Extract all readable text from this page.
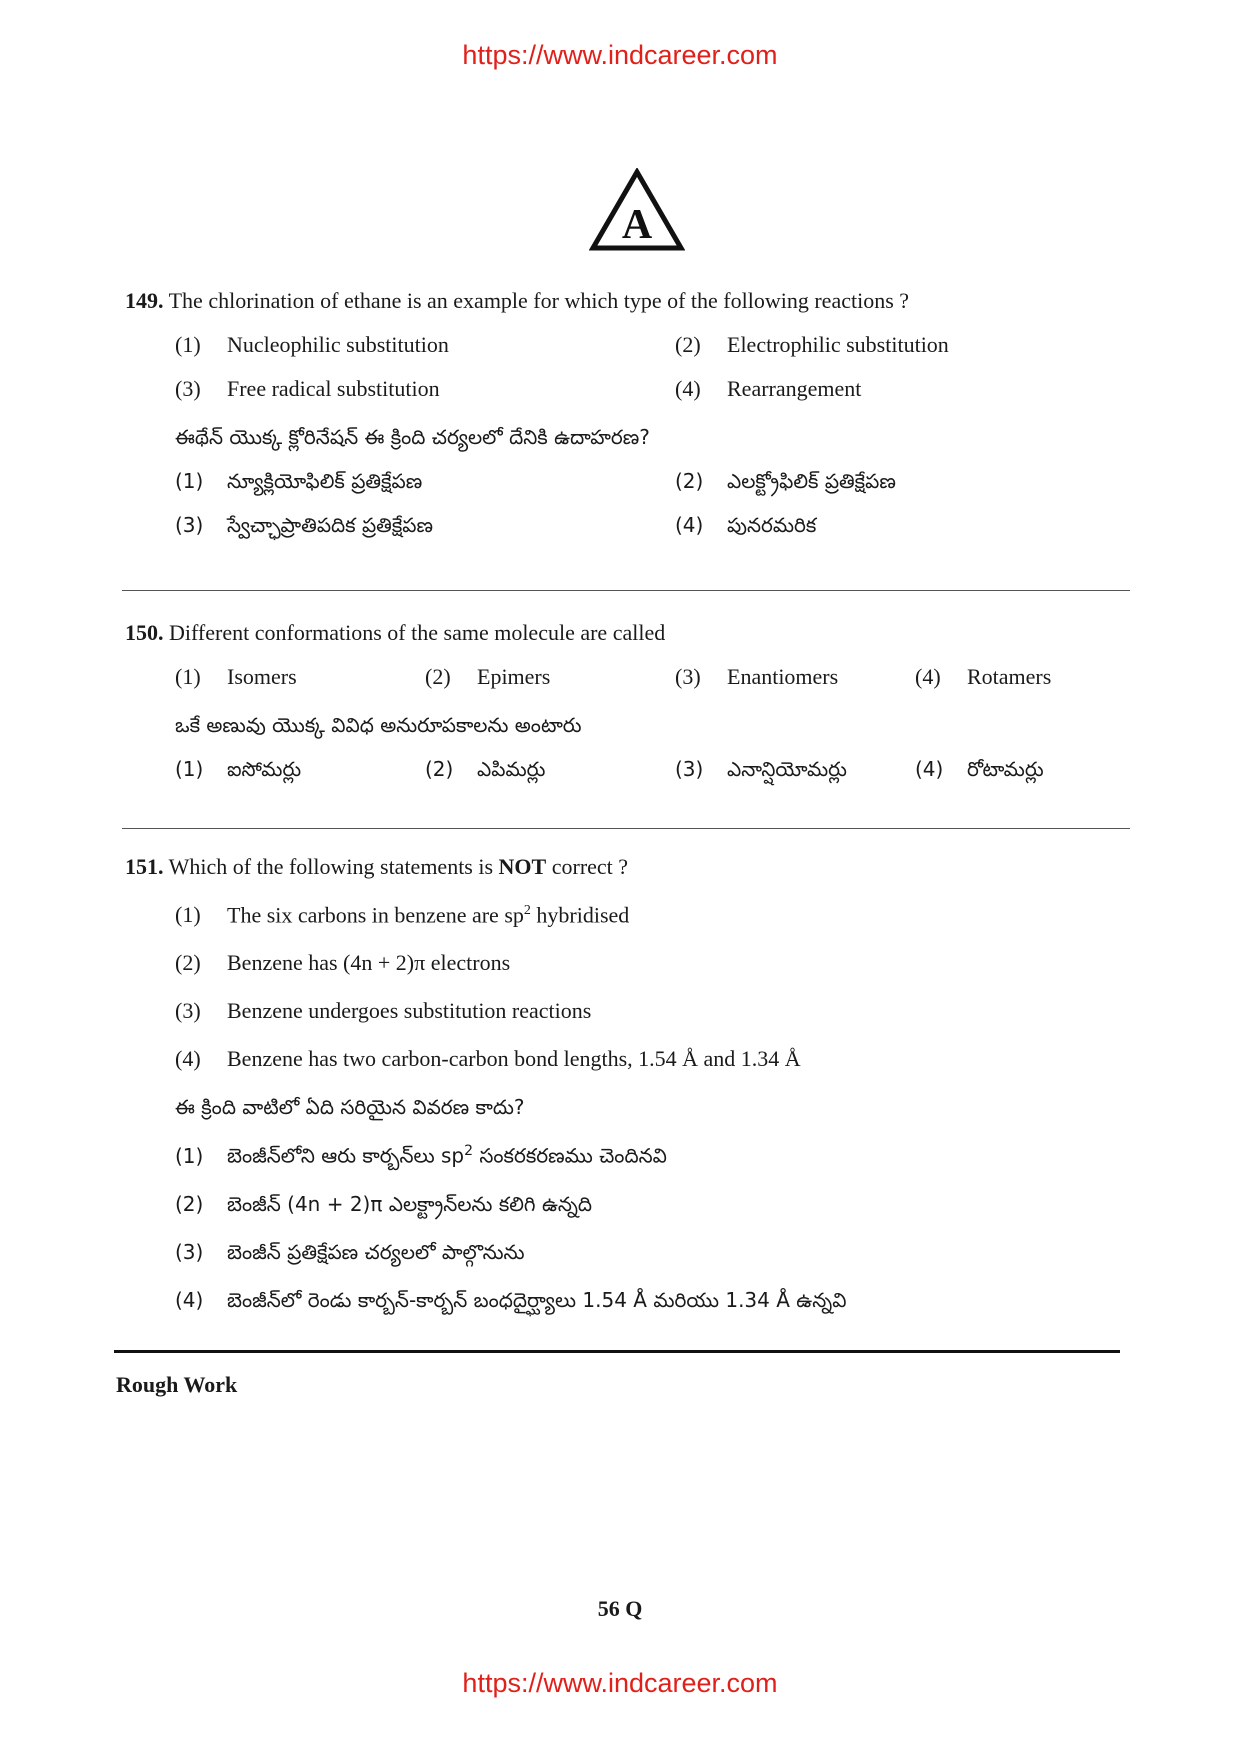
https://www.indcareer.com
A

149. The chlorination of ethane is an example for which type of the following reactions ?

(1) Nucleophilic substitution	(2) Electrophilic substitution
(3) Free radical substitution	(4) Rearrangement

ఈథేన్ యొక్క క్లోరినేషన్ ఈ క్రింది చర్యలలో దేనికి ఉదాహరణ?

(1) న్యూక్లియోఫిలిక్ ప్రతిక్షేపణ	(2) ఎలక్ట్రోఫిలిక్ ప్రతిక్షేపణ
(3) స్వేచ్ఛాప్రాతిపదిక ప్రతిక్షేపణ	(4) పునరమరిక

150. Different conformations of the same molecule are called

(1) Isomers	(2) Epimers	(3) Enantiomers	(4) Rotamers

ఒకే అణువు యొక్క వివిధ అనురూపకాలను అంటారు

(1) ఐసోమర్లు	(2) ఎపిమర్లు	(3) ఎనాన్షియోమర్లు	(4) రోటామర్లు

151. Which of the following statements is NOT correct ?

(1) The six carbons in benzene are $sp^2$ hybridised
(2) Benzene has (4n + 2)π electrons
(3) Benzene undergoes substitution reactions
(4) Benzene has two carbon-carbon bond lengths, 1.54 Å and 1.34 Å

ఈ క్రింది వాటిలో ఏది సరియైన వివరణ కాదు?

(1) బెంజీన్‌లోని ఆరు కార్బన్‌లు $sp^2$ సంకరకరణము చెందినవి
(2) బెంజీన్ (4n + 2)π ఎలక్ట్రాన్‌లను కలిగి ఉన్నది
(3) బెంజీన్ ప్రతిక్షేపణ చర్యలలో పాల్గొనును
(4) బెంజీన్‌లో రెండు కార్బన్-కార్బన్ బంధదైర్ఘ్యాలు 1.54 Å మరియు 1.34 Å ఉన్నవి
Rough Work
56 Q
https://www.indcareer.com
